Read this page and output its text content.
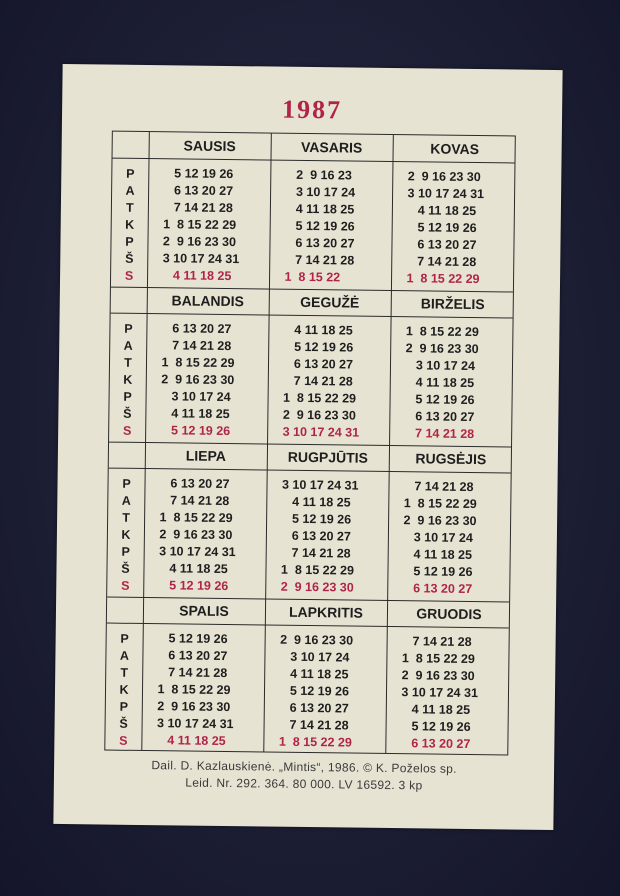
1987
P
A
T
K
P
Š
S
SAUSIS
5 12 19 26
6 13 20 27
7 14 21 28
1  8 15 22 29
2  9 16 23 30
3 10 17 24 31
4 11 18 25
VASARIS
2  9 16 23
3 10 17 24
4 11 18 25
5 12 19 26
6 13 20 27
7 14 21 28
1  8 15 22
KOVAS
2  9 16 23 30
3 10 17 24 31
4 11 18 25
5 12 19 26
6 13 20 27
7 14 21 28
1  8 15 22 29
P
A
T
K
P
Š
S
BALANDIS
6 13 20 27
7 14 21 28
1  8 15 22 29
2  9 16 23 30
3 10 17 24
4 11 18 25
5 12 19 26
GEGUŽĖ
4 11 18 25
5 12 19 26
6 13 20 27
7 14 21 28
1  8 15 22 29
2  9 16 23 30
3 10 17 24 31
BIRŽELIS
1  8 15 22 29
2  9 16 23 30
3 10 17 24
4 11 18 25
5 12 19 26
6 13 20 27
7 14 21 28
P
A
T
K
P
Š
S
LIEPA
6 13 20 27
7 14 21 28
1  8 15 22 29
2  9 16 23 30
3 10 17 24 31
4 11 18 25
5 12 19 26
RUGPJŪTIS
3 10 17 24 31
4 11 18 25
5 12 19 26
6 13 20 27
7 14 21 28
1  8 15 22 29
2  9 16 23 30
RUGSĖJIS
7 14 21 28
1  8 15 22 29
2  9 16 23 30
3 10 17 24
4 11 18 25
5 12 19 26
6 13 20 27
P
A
T
K
P
Š
S
SPALIS
5 12 19 26
6 13 20 27
7 14 21 28
1  8 15 22 29
2  9 16 23 30
3 10 17 24 31
4 11 18 25
LAPKRITIS
2  9 16 23 30
3 10 17 24
4 11 18 25
5 12 19 26
6 13 20 27
7 14 21 28
1  8 15 22 29
GRUODIS
7 14 21 28
1  8 15 22 29
2  9 16 23 30
3 10 17 24 31
4 11 18 25
5 12 19 26
6 13 20 27
Dail. D. Kazlauskienė. „Mintis“, 1986. © K. Poželos sp.
Leid. Nr. 292. 364. 80 000. LV 16592. 3 kp
